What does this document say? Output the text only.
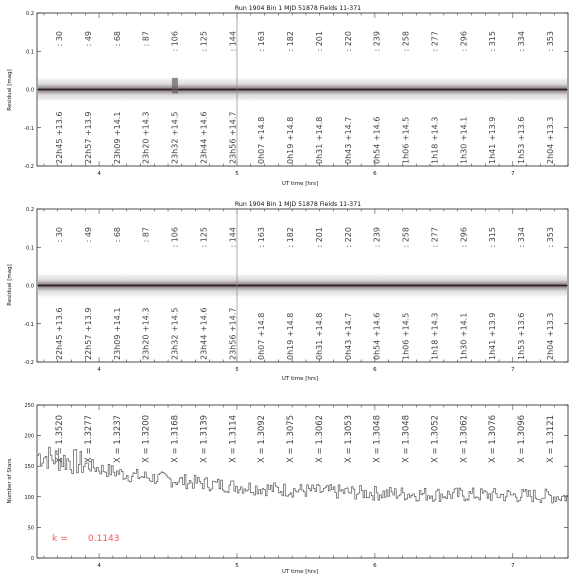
Run 1904 Bin 1 MJD 51878 Fields 11-371
Residual [mag]
UT time [hrs]
-0.2
-0.1
0.0
0.1
0.2
4	5	6	7
: 30 : 49 : 68 : 87 : 106 : 125 : 144 : 163 : 182 : 201 : 220 : 239 : 258 : 277 : 296 : 315 : 334 : 353
22h45 +13.6 22h57 +13.9 23h09 +14.1 23h20 +14.3 23h32 +14.5 23h44 +14.6 23h56 +14.7 0h07 +14.8 0h19 +14.8 0h31 +14.8 0h43 +14.7 0h54 +14.6 1h06 +14.5 1h18 +14.3 1h30 +14.1 1h41 +13.9 1h53 +13.6 2h04 +13.3
Run 1904 Bin 1 MJD 51878 Fields 11-371
Residual [mag]
UT time [hrs]
-0.2
-0.1
0.0
0.1
0.2
4	5	6	7
: 30 : 49 : 68 : 87 : 106 : 125 : 144 : 163 : 182 : 201 : 220 : 239 : 258 : 277 : 296 : 315 : 334 : 353
22h45 +13.6 22h57 +13.9 23h09 +14.1 23h20 +14.3 23h32 +14.5 23h44 +14.6 23h56 +14.7 0h07 +14.8 0h19 +14.8 0h31 +14.8 0h43 +14.7 0h54 +14.6 1h06 +14.5 1h18 +14.3 1h30 +14.1 1h41 +13.9 1h53 +13.6 2h04 +13.3
Number of Stars
UT time [hrs]
k = 0.1143
0
50
100
150
200
250
4	5	6	7
X = 1.3520 X = 1.3277 X = 1.3237 X = 1.3200 X = 1.3168 X = 1.3139 X = 1.3114 X = 1.3092 X = 1.3075 X = 1.3062 X = 1.3053 X = 1.3048 X = 1.3048 X = 1.3052 X = 1.3062 X = 1.3076 X = 1.3096 X = 1.3121
